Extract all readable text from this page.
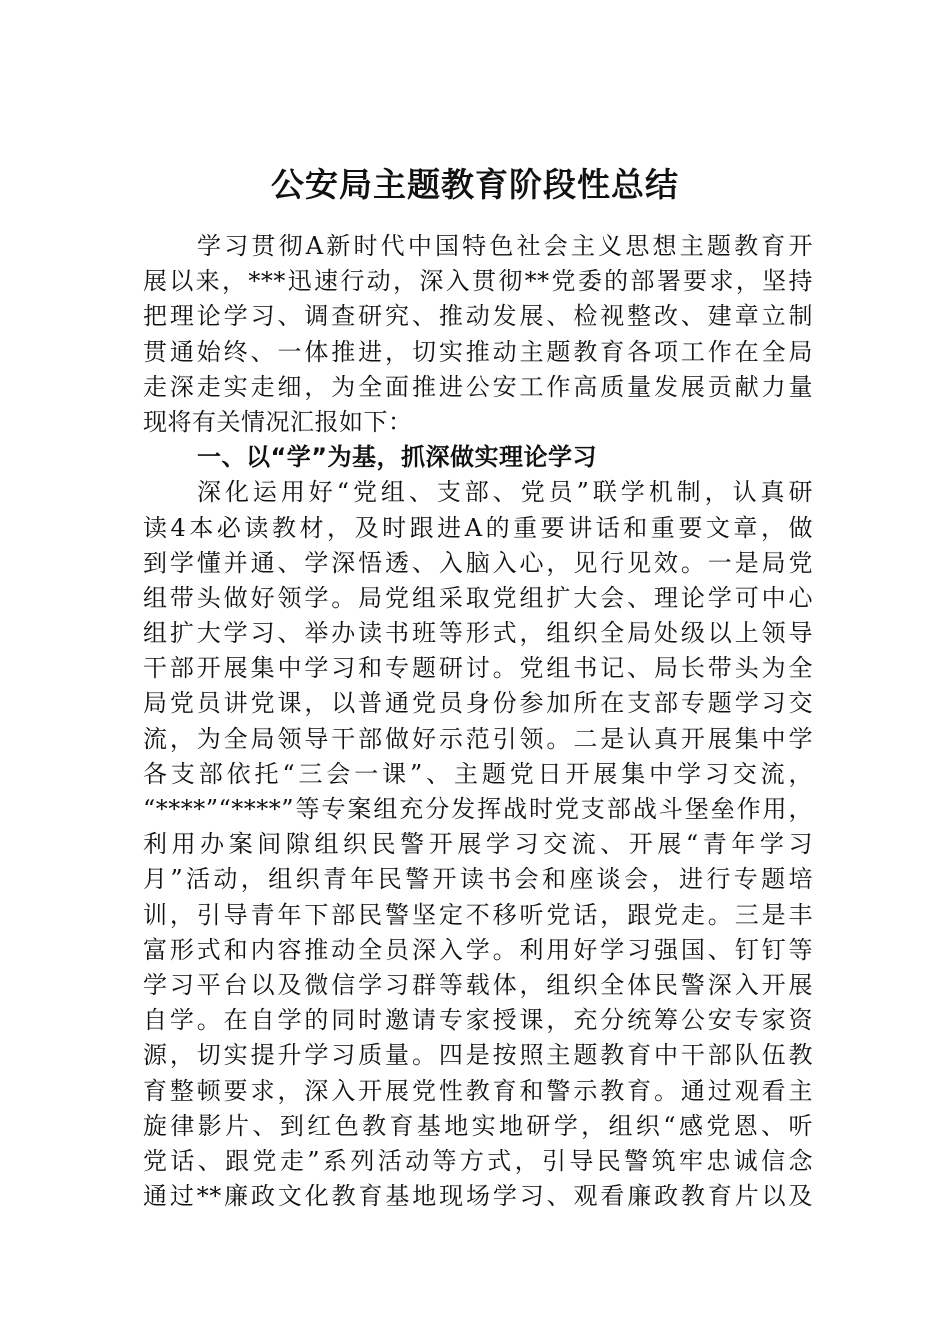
公安局主题教育阶段性总结
学习贯彻A新时代中国特色社会主义思想主题教育开
展以来，***迅速行动，深入贯彻**党委的部署要求，坚持
把理论学习、调查研究、推动发展、检视整改、建章立制
贯通始终、一体推进，切实推动主题教育各项工作在全局
走深走实走细，为全面推进公安工作高质量发展贡献力量
现将有关情况汇报如下：
一、以“学”为基，抓深做实理论学习
深化运用好“党组、支部、党员”联学机制，认真研
读4本必读教材，及时跟进A的重要讲话和重要文章，做
到学懂并通、学深悟透、入脑入心，见行见效。一是局党
组带头做好领学。局党组采取党组扩大会、理论学可中心
组扩大学习、举办读书班等形式，组织全局处级以上领导
干部开展集中学习和专题研讨。党组书记、局长带头为全
局党员讲党课，以普通党员身份参加所在支部专题学习交
流，为全局领导干部做好示范引领。二是认真开展集中学
各支部依托“三会一课”、主题党日开展集中学习交流，
“****”“****”等专案组充分发挥战时党支部战斗堡垒作用，
利用办案间隙组织民警开展学习交流、开展“青年学习
月”活动，组织青年民警开读书会和座谈会，进行专题培
训，引导青年下部民警坚定不移听党话，跟党走。三是丰
富形式和内容推动全员深入学。利用好学习强国、钉钉等
学习平台以及微信学习群等载体，组织全体民警深入开展
自学。在自学的同时邀请专家授课，充分统筹公安专家资
源，切实提升学习质量。四是按照主题教育中干部队伍教
育整顿要求，深入开展党性教育和警示教育。通过观看主
旋律影片、到红色教育基地实地研学，组织“感党恩、听
党话、跟党走”系列活动等方式，引导民警筑牢忠诚信念
通过**廉政文化教育基地现场学习、观看廉政教育片以及
